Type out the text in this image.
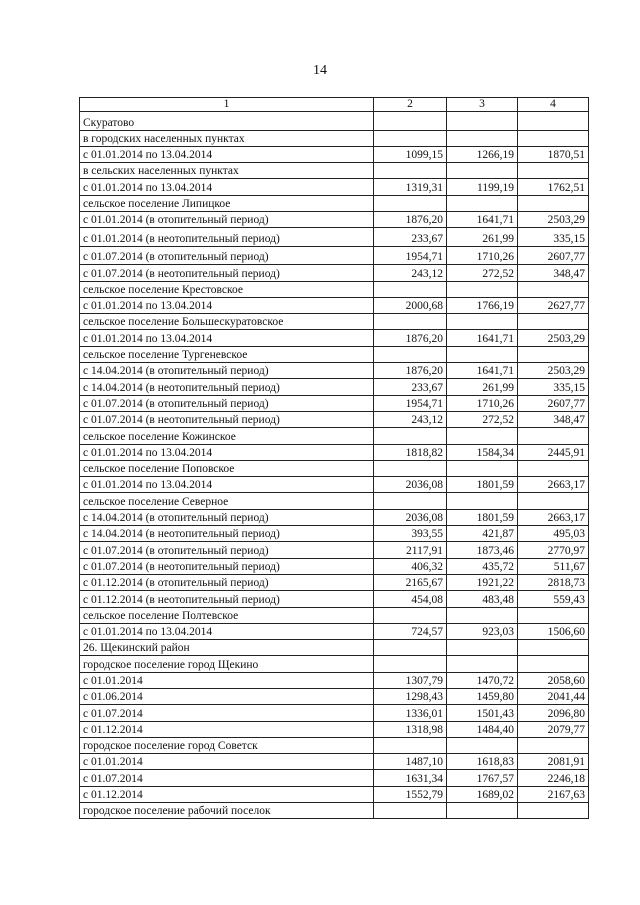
14
1	2	3	4
Скуратово			
в городских населенных пунктах			
с 01.01.2014 по 13.04.2014	1099,15	1266,19	1870,51
в сельских населенных пунктах			
с 01.01.2014 по 13.04.2014	1319,31	1199,19	1762,51
сельское поселение Липицкое			
с 01.01.2014 (в отопительный период)	1876,20	1641,71	2503,29
с 01.01.2014 (в неотопительный период)	233,67	261,99	335,15
с 01.07.2014 (в отопительный период)	1954,71	1710,26	2607,77
с 01.07.2014 (в неотопительный период)	243,12	272,52	348,47
сельское поселение Крестовское			
с 01.01.2014 по 13.04.2014	2000,68	1766,19	2627,77
сельское поселение Большескуратовское			
с 01.01.2014 по 13.04.2014	1876,20	1641,71	2503,29
сельское поселение Тургеневское			
с 14.04.2014 (в отопительный период)	1876,20	1641,71	2503,29
с 14.04.2014 (в неотопительный период)	233,67	261,99	335,15
с 01.07.2014 (в отопительный период)	1954,71	1710,26	2607,77
с 01.07.2014 (в неотопительный период)	243,12	272,52	348,47
сельское поселение Кожинское			
с 01.01.2014 по 13.04.2014	1818,82	1584,34	2445,91
сельское поселение Поповское			
с 01.01.2014 по 13.04.2014	2036,08	1801,59	2663,17
сельское поселение Северное			
с 14.04.2014 (в отопительный период)	2036,08	1801,59	2663,17
с 14.04.2014 (в неотопительный период)	393,55	421,87	495,03
с 01.07.2014 (в отопительный период)	2117,91	1873,46	2770,97
с 01.07.2014 (в неотопительный период)	406,32	435,72	511,67
с 01.12.2014 (в отопительный период)	2165,67	1921,22	2818,73
с 01.12.2014 (в неотопительный период)	454,08	483,48	559,43
сельское поселение Полтевское			
с 01.01.2014 по 13.04.2014	724,57	923,03	1506,60
26. Щекинский район			
городское поселение город Щекино			
с 01.01.2014	1307,79	1470,72	2058,60
с 01.06.2014	1298,43	1459,80	2041,44
с 01.07.2014	1336,01	1501,43	2096,80
с 01.12.2014	1318,98	1484,40	2079,77
городское поселение город Советск			
с 01.01.2014	1487,10	1618,83	2081,91
с 01.07.2014	1631,34	1767,57	2246,18
с 01.12.2014	1552,79	1689,02	2167,63
городское поселение рабочий поселок			
